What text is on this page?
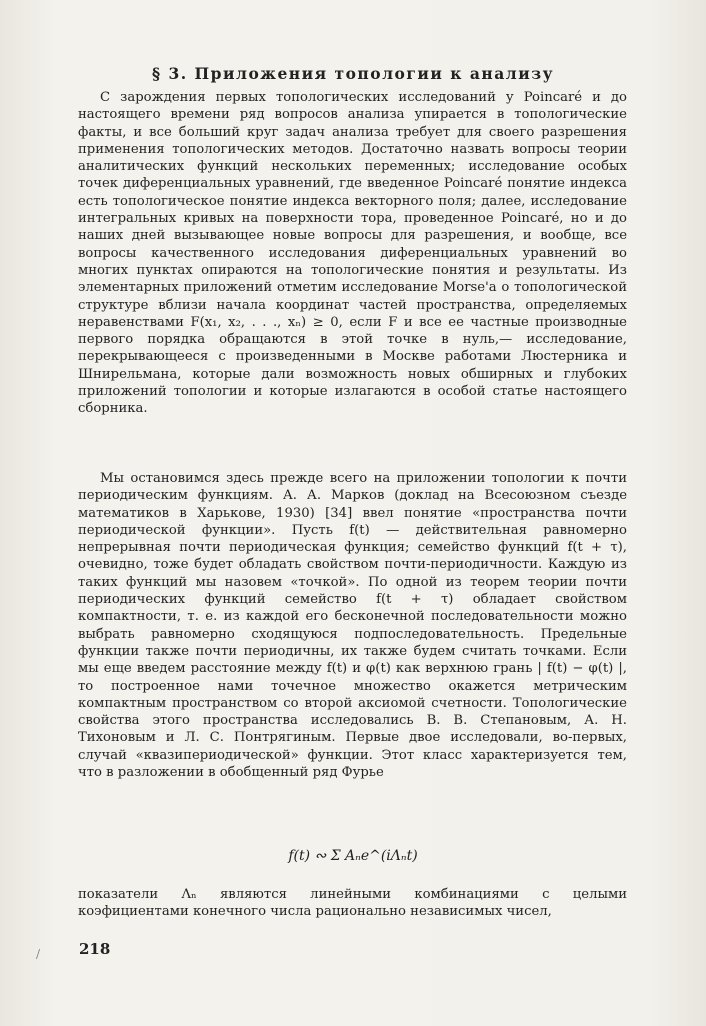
§ 3. Приложения топологии к анализу

С зарождения первых топологических исследований у Poincaré и до настоящего времени ряд вопросов анализа упирается в топологические факты, и все больший круг задач анализа требует для своего разрешения применения топологических методов. Достаточно назвать вопросы теории аналитических функций нескольких переменных; исследование особых точек диференциальных уравнений, где введенное Poincaré понятие индекса есть топологическое понятие индекса векторного поля; далее, исследование интегральных кривых на поверхности тора, проведенное Poincaré, но и до наших дней вызывающее новые вопросы для разрешения, и вообще, все вопросы качественного исследования диференциальных уравнений во многих пунктах опираются на топологические понятия и результаты. Из элементарных приложений отметим исследование Morse'а о топологической структуре вблизи начала координат частей пространства, определяемых неравенствами F(x₁, x₂, . . ., xₙ) ≥ 0, если F и все ее частные производные первого порядка обращаются в этой точке в нуль,— исследование, перекрывающееся с произведенными в Москве работами Люстерника и Шнирельмана, которые дали возможность новых обширных и глубоких приложений топологии и которые излагаются в особой статье настоящего сборника.

Мы остановимся здесь прежде всего на приложении топологии к почти периодическим функциям. А. А. Марков (доклад на Всесоюзном съезде математиков в Харькове, 1930) [34] ввел понятие «пространства почти периодической функции». Пусть f(t) — действительная равномерно непрерывная почти периодическая функция; семейство функций f(t + τ), очевидно, тоже будет обладать свойством почти-периодичности. Каждую из таких функций мы назовем «точкой». По одной из теорем теории почти периодических функций семейство f(t + τ) обладает свойством компактности, т. е. из каждой его бесконечной последовательности можно выбрать равномерно сходящуюся подпоследовательность. Предельные функции также почти периодичны, их также будем считать точками. Если мы еще введем расстояние между f(t) и φ(t) как верхнюю грань | f(t) − φ(t) |, то построенное нами точечное множество окажется метрическим компактным пространством со второй аксиомой счетности. Топологические свойства этого пространства исследовались В. В. Степановым, А. Н. Тихоновым и Л. С. Понтрягиным. Первые двое исследовали, во-первых, случай «квазипериодической» функции. Этот класс характеризуется тем, что в разложении в обобщенный ряд Фурье

f(t) ∾ Σ Aₙe^(iΛₙt)

показатели Λₙ являются линейными комбинациями с целыми коэфициентами конечного числа рационально независимых чисел,

218
/
